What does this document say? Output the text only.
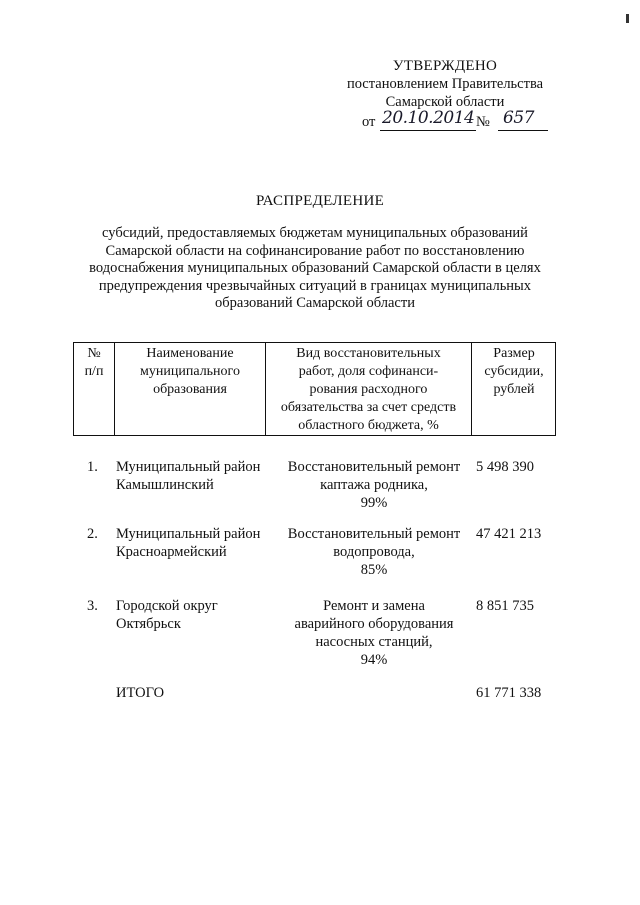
УТВЕРЖДЕНО
постановлением Правительства
Самарской области
от 20.10.2014 № 657
РАСПРЕДЕЛЕНИЕ
субсидий, предоставляемых бюджетам муниципальных образований
Самарской области на софинансирование работ по восстановлению
водоснабжения муниципальных образований Самарской области в целях
предупреждения чрезвычайных ситуаций в границах муниципальных
образований Самарской области
№
п/п
Наименование
муниципального
образования
Вид восстановительных
работ, доля софинанси-
рования расходного
обязательства за счет средств
областного бюджета, %
Размер
субсидии,
рублей
1. Муниципальный район
Камышлинский
Восстановительный ремонт
каптажа родника,
99%
5 498 390
2. Муниципальный район
Красноармейский
Восстановительный ремонт
водопровода,
85%
47 421 213
3. Городской округ
Октябрьск
Ремонт и замена
аварийного оборудования
насосных станций,
94%
8 851 735
ИТОГО	61 771 338
